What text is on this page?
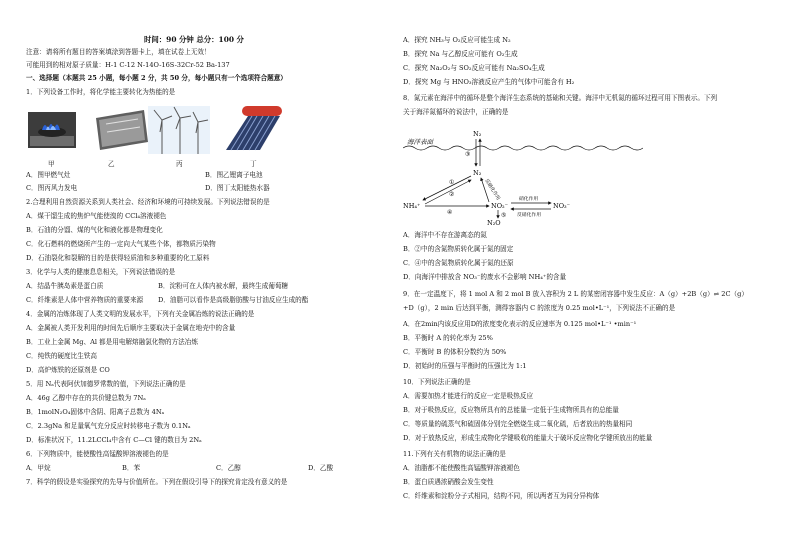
时间：90 分钟 总分：100 分
注意：请将所有题目的答案填涂到答题卡上，填在试卷上无效！
可能用到的相对原子质量：H-1 C-12 N-14O-16S-32Cr-52 Ba-137
一、选择题（本题共 25 小题，每小题 2 分，共 50 分，每小题只有一个选项符合题意）
1．下列设备工作时，将化学能主要转化为热能的是
甲	乙	丙	丁
A．图甲燃气灶	B．图乙锂离子电池
C．图丙风力发电	D．图丁太阳能热水器
2.合理利用自然资源关系到人类社会、经济和环境的可持续发展。下列说法错误的是
A．煤干馏生成的焦炉气能使溴的 CCl₄溶液褪色
B．石油的分馏、煤的气化和液化都是物理变化
C．化石燃料的燃烧所产生的一定向大气某些个体，都物质污染物
D．石油裂化和裂解的目的是获得轻质油和多种重要的化工原料
3．化学与人类的健康息息相关，下列说法错误的是
A．结晶牛胰岛素是蛋白质	B．淀粉可在人体内被水解，最终生成葡萄糖
C．纤维素是人体中营养物质的重要来源 D．油脂可以看作是高级脂肪酸与甘油反应生成的酯
4．金属的冶炼体现了人类文明的发展水平，下列有关金属冶炼的说法正确的是
A．金属被人类开发利用的时间先后顺序主要取决于金属在地壳中的含量
B．工业上金属 Mg、Al 都是用电解熔融氯化物的方法冶炼
C．纯铁的硬度比生铁高
D．高炉炼铁的还原剂是 CO
5．用 Nₐ代表阿伏加德罗常数的值，下列说法正确的是
A．46g 乙醇中存在的共价键总数为 7Nₐ
B．1molN₂O₄固体中含阴、阳离子总数为 4Nₐ
C．2.3gNa 和足量氧气充分反应时转移电子数为 0.1Nₐ
D．标准状况下，11.2LCCl₄中含有 C—Cl 键的数目为 2Nₐ
6．下列物质中，能使酸性高锰酸钾溶液褪色的是
A．甲烷	B．苯	C．乙醇	D．乙酸
7．科学的假设是实验探究的先导与价值所在。下列在假设引导下的探究肯定没有意义的是
A．探究 NH₃与 O₂反应可能生成 N₂
B．探究 Na 与乙醇反应可能有 O₂生成
C．探究 Na₂O₂与 SO₂反应可能有 Na₂SO₄生成
D．探究 Mg 与 HNO₃溶液反应产生的气体中可能含有 H₂
8．氮元素在海洋中的循环是整个海洋生态系统的基础和关键。海洋中无机氮的循环过程可用下图表示。下列
关于海洋氮循环的说法中，正确的是
海洋表面
N₂
N₂
NH₄⁺	NO₂⁻	NO₃⁻
N₂O
①
②
③
④	⑤
反硝化作用	硝化作用
反硝化作用
A．海洋中不存在游离态的氮
B．②中的含氮物质转化属于氮的固定
C．④中的含氮物质转化属于氮的还原
D．向海洋中排放含 NO₃⁻的废水不会影响 NH₄⁺的含量
9．在一定温度下，将 1 mol A 和 2 mol B 放入容积为 2 L 的某密闭容器中发生反应：A（g）+2B（g）⇌ 2C（g）
+D（g），2 min 后达到平衡，测得容器内 C 的浓度为 0.25 mol•L⁻¹，下列说法不正确的是
A．在2min内该反应用D的浓度变化表示的反应速率为 0.125 mol•L⁻¹ •min⁻¹
B．平衡时 A 的转化率为 25%
C．平衡时 B 的体积分数约为 50%
D．初始时的压强与平衡时的压强比为 1:1
10．下列说法正确的是
A．需要加热才能进行的反应一定是吸热反应
B．对于吸热反应，反应物所具有的总能量一定低于生成物所具有的总能量
C．等质量的硫蒸气和硫固体分别完全燃烧生成二氧化硫，后者放出的热量相同
D．对于放热反应，形成生成物化学键吸收的能量大于破坏反应物化学键所放出的能量
11.下列有关有机物的说法正确的是
A．油脂都不能使酸性高锰酸钾溶液褪色
B．蛋白质遇浓硝酸会发生变性
C．纤维素和淀粉分子式相同，结构不同，所以两者互为同分异构体
